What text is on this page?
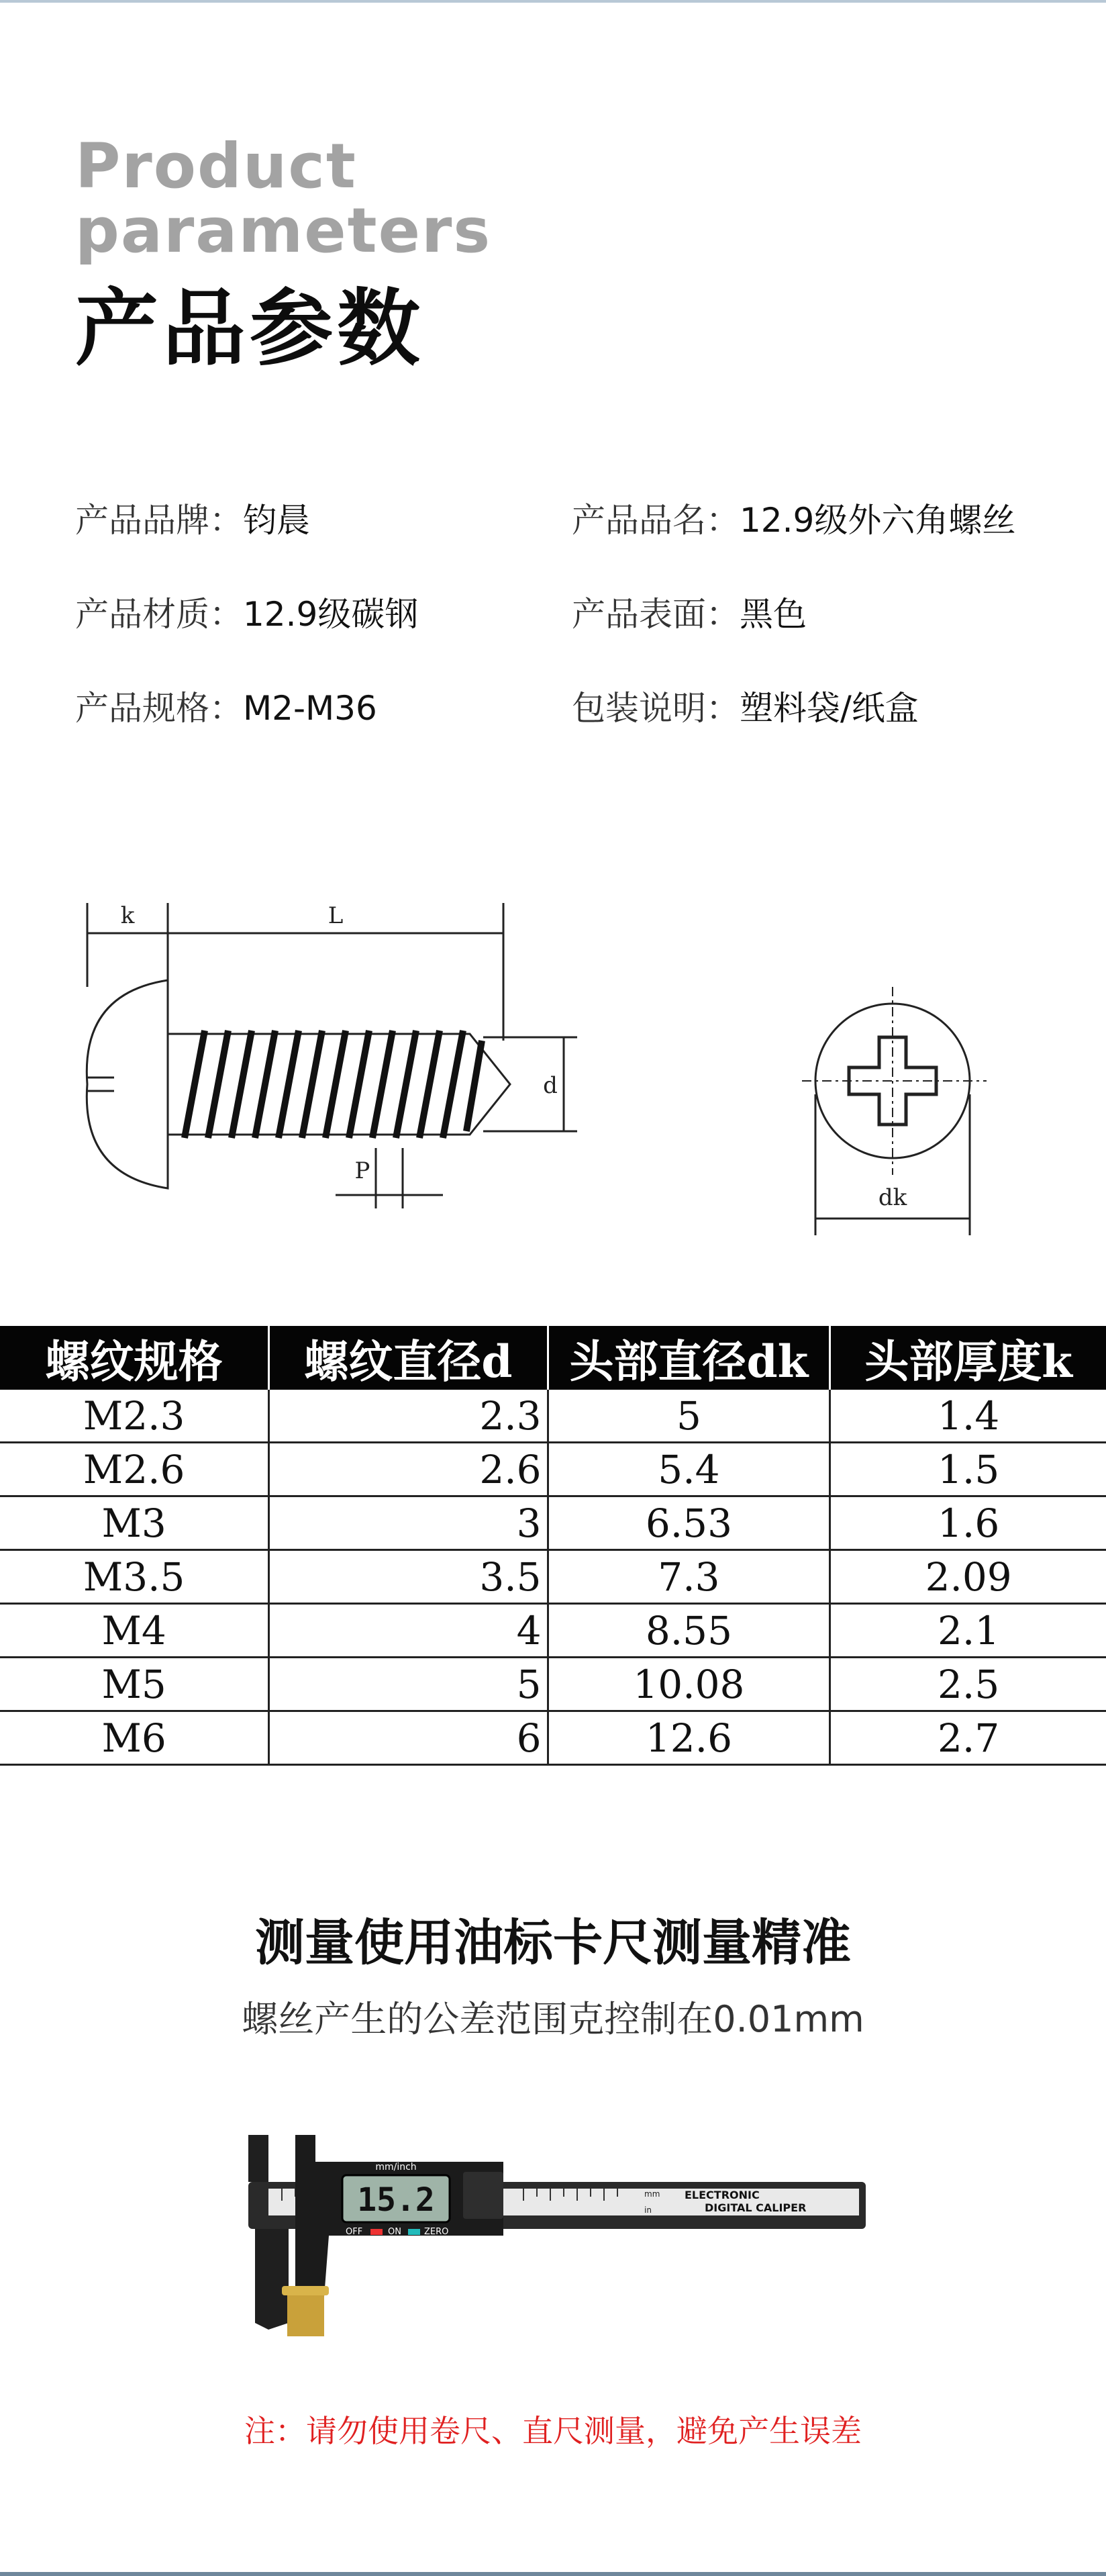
Product
parameters
产品参数
产品品牌：钧晨	产品品名：12.9级外六角螺丝
产品材质：12.9级碳钢	产品表面：黑色
产品规格：M2-M36	包装说明：塑料袋/纸盒
k	L
d
P
dk
螺纹规格	螺纹直径d	头部直径dk	头部厚度k
M2.3	2.3	5	1.4
M2.6	2.6	5.4	1.5
M3	3	6.53	1.6
M3.5	3.5	7.3	2.09
M4	4	8.55	2.1
M5	5	10.08	2.5
M6	6	12.6	2.7
测量使用油标卡尺测量精准
螺丝产生的公差范围克控制在0.01mm
mm/inch
15.2
OFF	ON	ZERO
mm
in
ELECTRONIC
DIGITAL CALIPER
注：请勿使用卷尺、直尺测量，避免产生误差
